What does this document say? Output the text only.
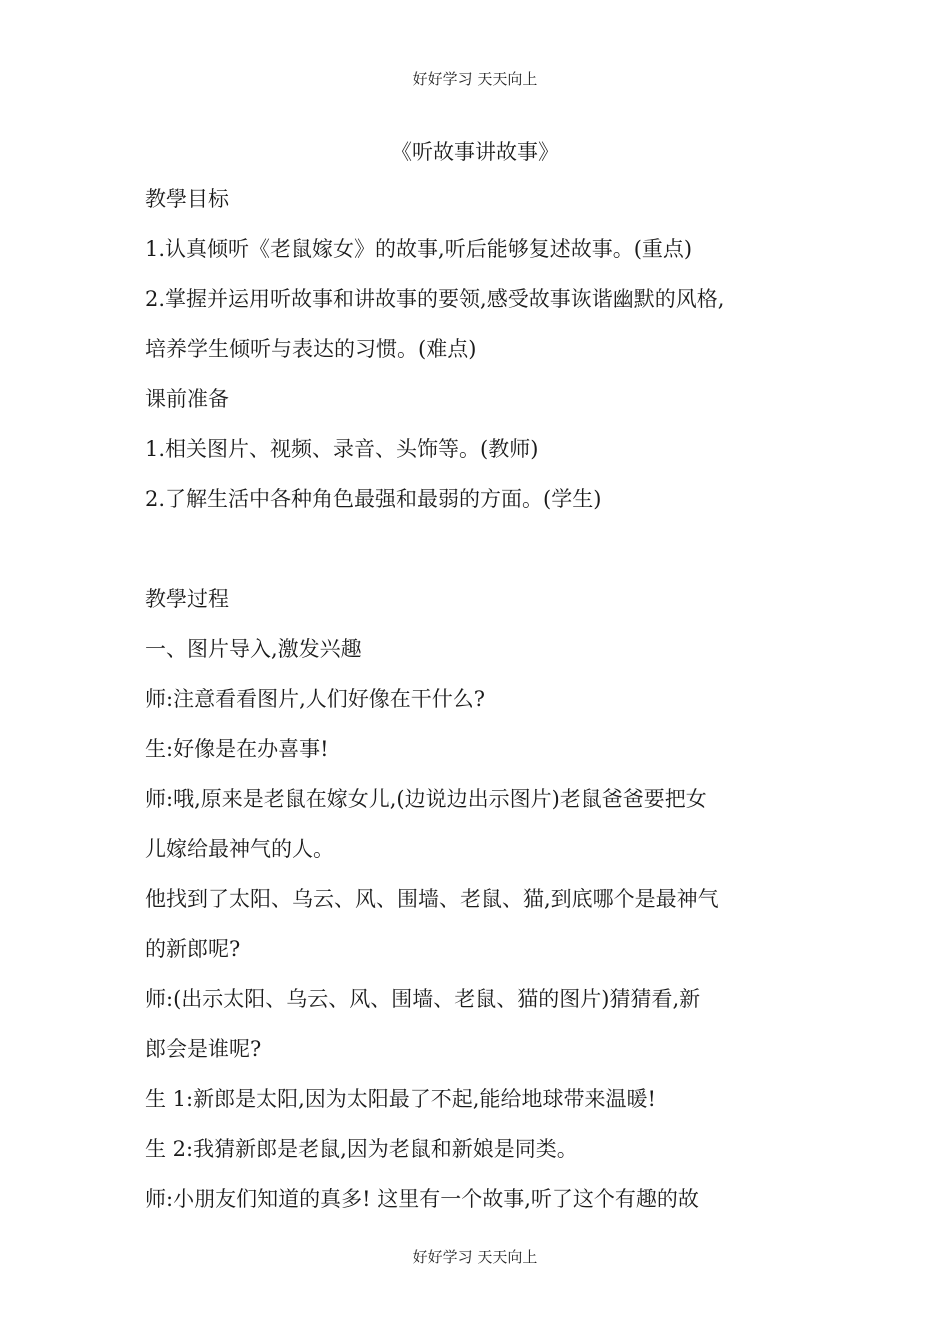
好好学习 天天向上
《听故事讲故事》
教學目标
1.认真倾听《老鼠嫁女》的故事,听后能够复述故事。(重点)
2.掌握并运用听故事和讲故事的要领,感受故事诙谐幽默的风格,
培养学生倾听与表达的习惯。(难点)
课前准备
1.相关图片、视频、录音、头饰等。(教师)
2.了解生活中各种角色最强和最弱的方面。(学生)
教學过程
一、图片导入,激发兴趣
师:注意看看图片,人们好像在干什么?
生:好像是在办喜事!
师:哦,原来是老鼠在嫁女儿,(边说边出示图片)老鼠爸爸要把女
儿嫁给最神气的人。
他找到了太阳、乌云、风、围墙、老鼠、猫,到底哪个是最神气
的新郎呢?
师:(出示太阳、乌云、风、围墙、老鼠、猫的图片)猜猜看,新
郎会是谁呢?
生 1:新郎是太阳,因为太阳最了不起,能给地球带来温暖!
生 2:我猜新郎是老鼠,因为老鼠和新娘是同类。
师:小朋友们知道的真多! 这里有一个故事,听了这个有趣的故
好好学习 天天向上
